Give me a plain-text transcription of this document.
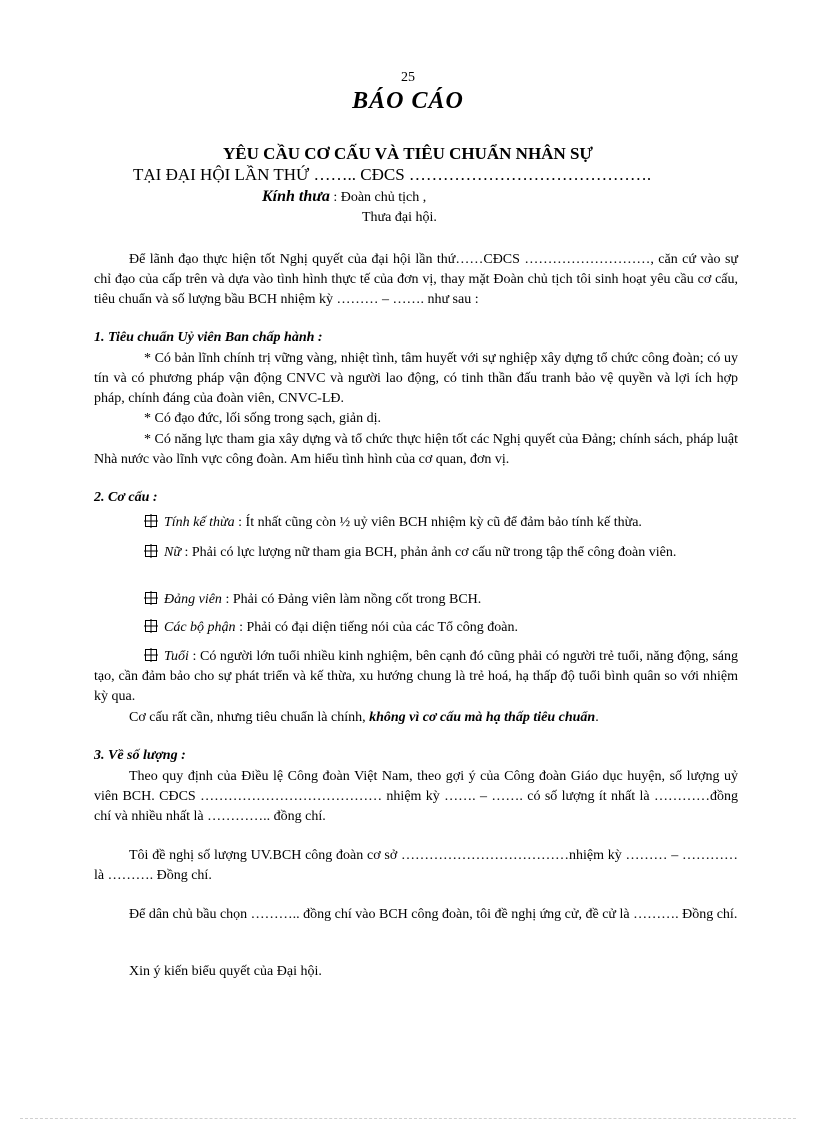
25
BÁO CÁO
YÊU CẦU CƠ CẤU VÀ TIÊU CHUẨN NHÂN SỰ
TẠI ĐẠI HỘI LẦN THỨ …….. CĐCS …………………………………….
Kính thưa : Đoàn chủ tịch ,
Thưa đại hội.
Để lãnh đạo thực hiện tốt Nghị quyết của đại hội lần thứ……CĐCS ………………………, căn cứ vào sự chỉ đạo của cấp trên và dựa vào tình hình thực tế của đơn vị, thay mặt Đoàn chủ tịch tôi sinh hoạt yêu cầu cơ cấu, tiêu chuẩn và số lượng bầu BCH nhiệm kỳ ……… – ……. như sau :
1. Tiêu chuẩn Uỷ viên Ban chấp hành :
* Có bản lĩnh chính trị vững vàng, nhiệt tình, tâm huyết với sự nghiệp xây dựng tổ chức công đoàn; có uy tín và có phương pháp vận động CNVC và người lao động, có tinh thần đấu tranh bảo vệ quyền và lợi ích hợp pháp, chính đáng của đoàn viên, CNVC-LĐ.
* Có đạo đức, lối sống trong sạch, giản dị.
* Có năng lực tham gia xây dựng và tổ chức thực hiện tốt các Nghị quyết của Đảng; chính sách, pháp luật Nhà nước vào lĩnh vực công đoàn. Am hiểu tình hình của cơ quan, đơn vị.
2. Cơ cấu :
Tính kế thừa : Ít nhất cũng còn ½ uỷ viên BCH nhiệm kỳ cũ để đảm bảo tính kế thừa.
Nữ : Phải có lực lượng nữ tham gia BCH, phản ảnh cơ cấu nữ trong tập thể công đoàn viên.
Đảng viên : Phải có Đảng viên làm nồng cốt trong BCH.
Các bộ phận : Phải có đại diện tiếng nói của các Tổ công đoàn.
Tuổi : Có người lớn tuổi nhiều kinh nghiệm, bên cạnh đó cũng phải có người trẻ tuổi, năng động, sáng tạo, cần đảm bảo cho sự phát triển và kế thừa, xu hướng chung là trẻ hoá, hạ thấp độ tuổi bình quân so với nhiệm kỳ qua.
Cơ cấu rất cần, nhưng tiêu chuẩn là chính, không vì cơ cấu mà hạ thấp tiêu chuẩn.
3. Về số lượng :
Theo quy định của Điều lệ Công đoàn Việt Nam, theo gợi ý của Công đoàn Giáo dục huyện, số lượng uỷ viên BCH. CĐCS ………………………………… nhiệm kỳ ……. – ……. có số lượng ít nhất là …………đồng chí và nhiều nhất là ………….. đồng chí.
Tôi đề nghị số lượng UV.BCH công đoàn cơ sở ………………………………nhiệm kỳ ……… – ………… là ………. Đồng chí.
Để dân chủ bầu chọn ……….. đồng chí vào BCH công đoàn, tôi đề nghị ứng cử, đề cử là ………. Đồng chí.
Xin ý kiến biểu quyết của Đại hội.
